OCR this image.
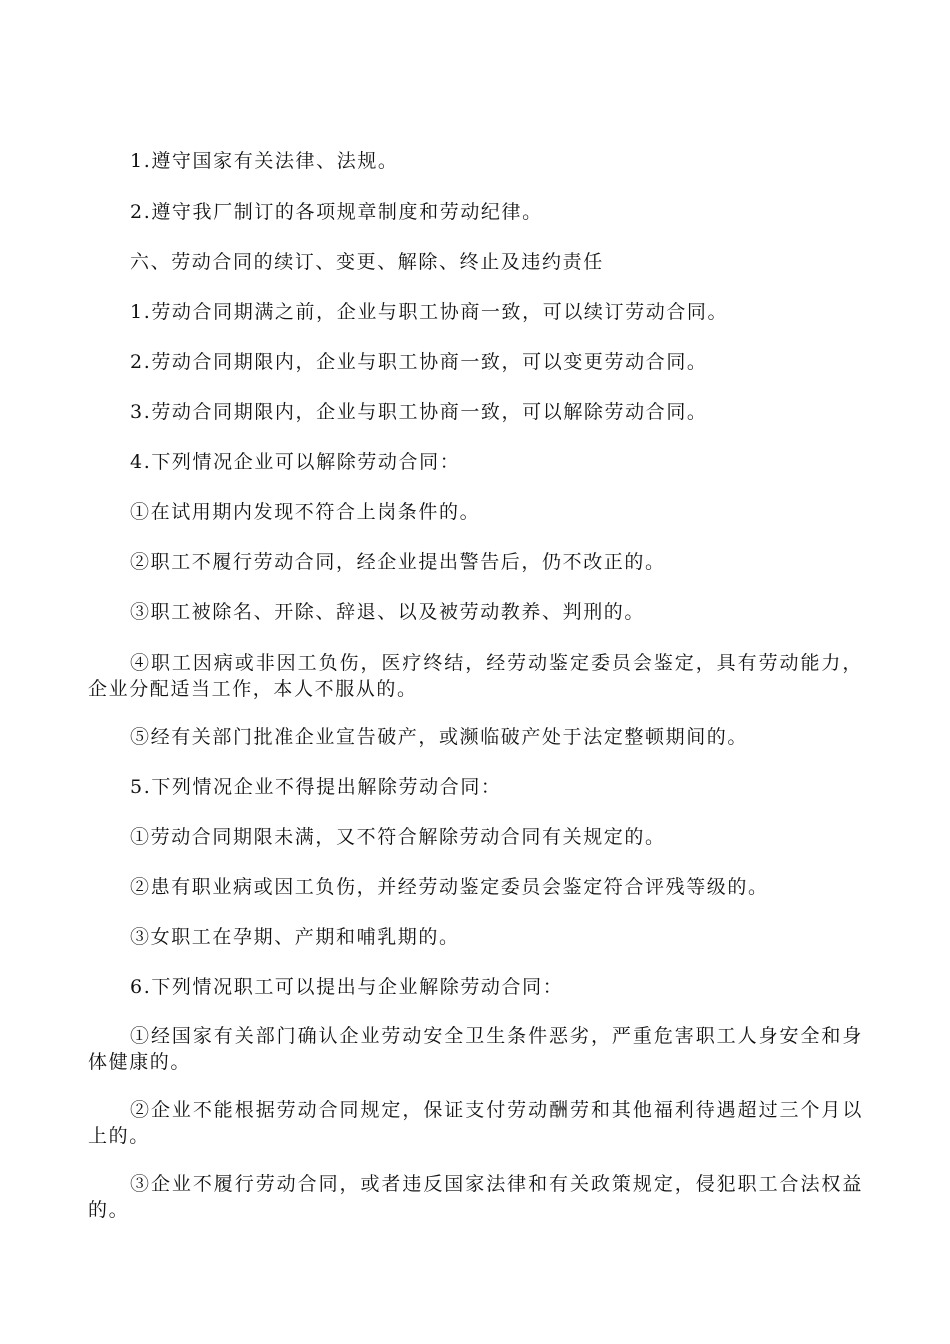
1.遵守国家有关法律、法规。

2.遵守我厂制订的各项规章制度和劳动纪律。

六、劳动合同的续订、变更、解除、终止及违约责任

1.劳动合同期满之前，企业与职工协商一致，可以续订劳动合同。

2.劳动合同期限内，企业与职工协商一致，可以变更劳动合同。

3.劳动合同期限内，企业与职工协商一致，可以解除劳动合同。

4.下列情况企业可以解除劳动合同：

①在试用期内发现不符合上岗条件的。

②职工不履行劳动合同，经企业提出警告后，仍不改正的。

③职工被除名、开除、辞退、以及被劳动教养、判刑的。

④职工因病或非因工负伤，医疗终结，经劳动鉴定委员会鉴定，具有劳动能力，企业分配适当工作，本人不服从的。

⑤经有关部门批准企业宣告破产，或濒临破产处于法定整顿期间的。

5.下列情况企业不得提出解除劳动合同：

①劳动合同期限未满，又不符合解除劳动合同有关规定的。

②患有职业病或因工负伤，并经劳动鉴定委员会鉴定符合评残等级的。

③女职工在孕期、产期和哺乳期的。

6.下列情况职工可以提出与企业解除劳动合同：

①经国家有关部门确认企业劳动安全卫生条件恶劣，严重危害职工人身安全和身体健康的。

②企业不能根据劳动合同规定，保证支付劳动酬劳和其他福利待遇超过三个月以上的。

③企业不履行劳动合同，或者违反国家法律和有关政策规定，侵犯职工合法权益的。
